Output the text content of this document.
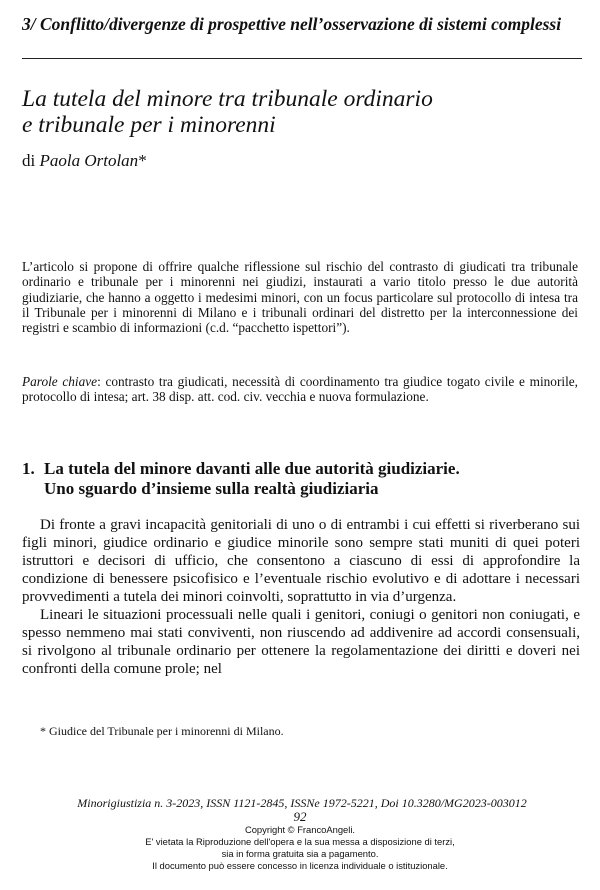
3/ Conflitto/divergenze di prospettive nell’osservazione di sistemi complessi
La tutela del minore tra tribunale ordinario
e tribunale per i minorenni
di Paola Ortolan*

L’articolo si propone di offrire qualche riflessione sul rischio del contrasto di giudicati tra tribunale ordinario e tribunale per i minorenni nei giudizi, instaurati a vario titolo presso le due autorità giudiziarie, che hanno a oggetto i medesimi minori, con un focus particolare sul protocollo di intesa tra il Tribunale per i minorenni di Milano e i tribunali ordinari del distretto per la interconnessione dei registri e scambio di informazioni (c.d. “pacchetto ispettori”).

Parole chiave: contrasto tra giudicati, necessità di coordinamento tra giudice togato civile e minorile, protocollo di intesa; art. 38 disp. att. cod. civ. vecchia e nuova formulazione.

1. La tutela del minore davanti alle due autorità giudiziarie.
Uno sguardo d’insieme sulla realtà giudiziaria

Di fronte a gravi incapacità genitoriali di uno o di entrambi i cui effetti si riverberano sui figli minori, giudice ordinario e giudice minorile sono sempre stati muniti di quei poteri istruttori e decisori di ufficio, che consentono a ciascuno di essi di approfondire la condizione di benessere psicofisico e l’eventuale rischio evolutivo e di adottare i necessari provvedimenti a tutela dei minori coinvolti, soprattutto in via d’urgenza.

Lineari le situazioni processuali nelle quali i genitori, coniugi o genitori non coniugati, e spesso nemmeno mai stati conviventi, non riuscendo ad addivenire ad accordi consensuali, si rivolgono al tribunale ordinario per ottenere la regolamentazione dei diritti e doveri nei confronti della comune prole; nel

* Giudice del Tribunale per i minorenni di Milano.
Minorigiustizia n. 3-2023, ISSN 1121-2845, ISSNe 1972-5221, Doi 10.3280/MG2023-003012
92
Copyright © FrancoAngeli.
E' vietata la Riproduzione dell'opera e la sua messa a disposizione di terzi,
sia in forma gratuita sia a pagamento.
Il documento può essere concesso in licenza individuale o istituzionale.
